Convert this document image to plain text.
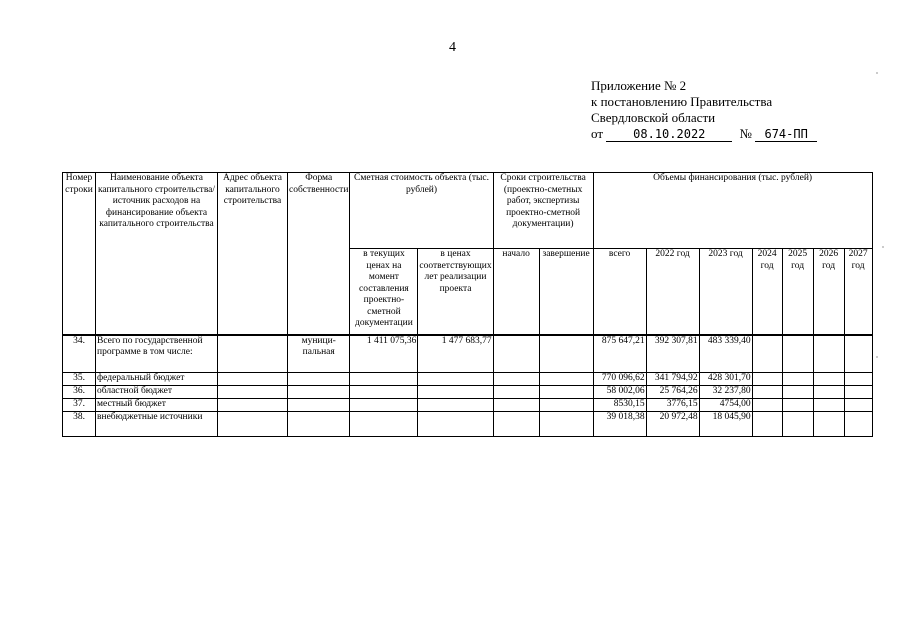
4
Приложение № 2
к постановлению Правительства
Свердловской области
от	08.10.2022	№ 674-ПП
Номер строки	Наименование объекта капитального строительства/ источник расходов на финансирование объекта капитального строительства	Адрес объекта капитального строительства	Форма собственности	Сметная стоимость объекта (тыс. рублей)		Сроки строительства (проектно-сметных работ, экспертизы проектно-сметной документации)		Объемы финансирования (тыс. рублей)						
				в текущих ценах на момент составления проектно-сметной документации	в ценах соответствующих лет реализации проекта	начало	завершение	всего	2022 год	2023 год	2024 год	2025 год	2026 год	2027 год
34.	Всего по государственной программе в том числе:		муници-пальная	1 411 075,36	1 477 683,77			875 647,21	392 307,81	483 339,40				
35.	федеральный бюджет							770 096,62	341 794,92	428 301,70				
36.	областной бюджет							58 002,06	25 764,26	32 237,80				
37.	местный бюджет							8530,15	3776,15	4754,00				
38.	внебюджетные источники							39 018,38	20 972,48	18 045,90				
